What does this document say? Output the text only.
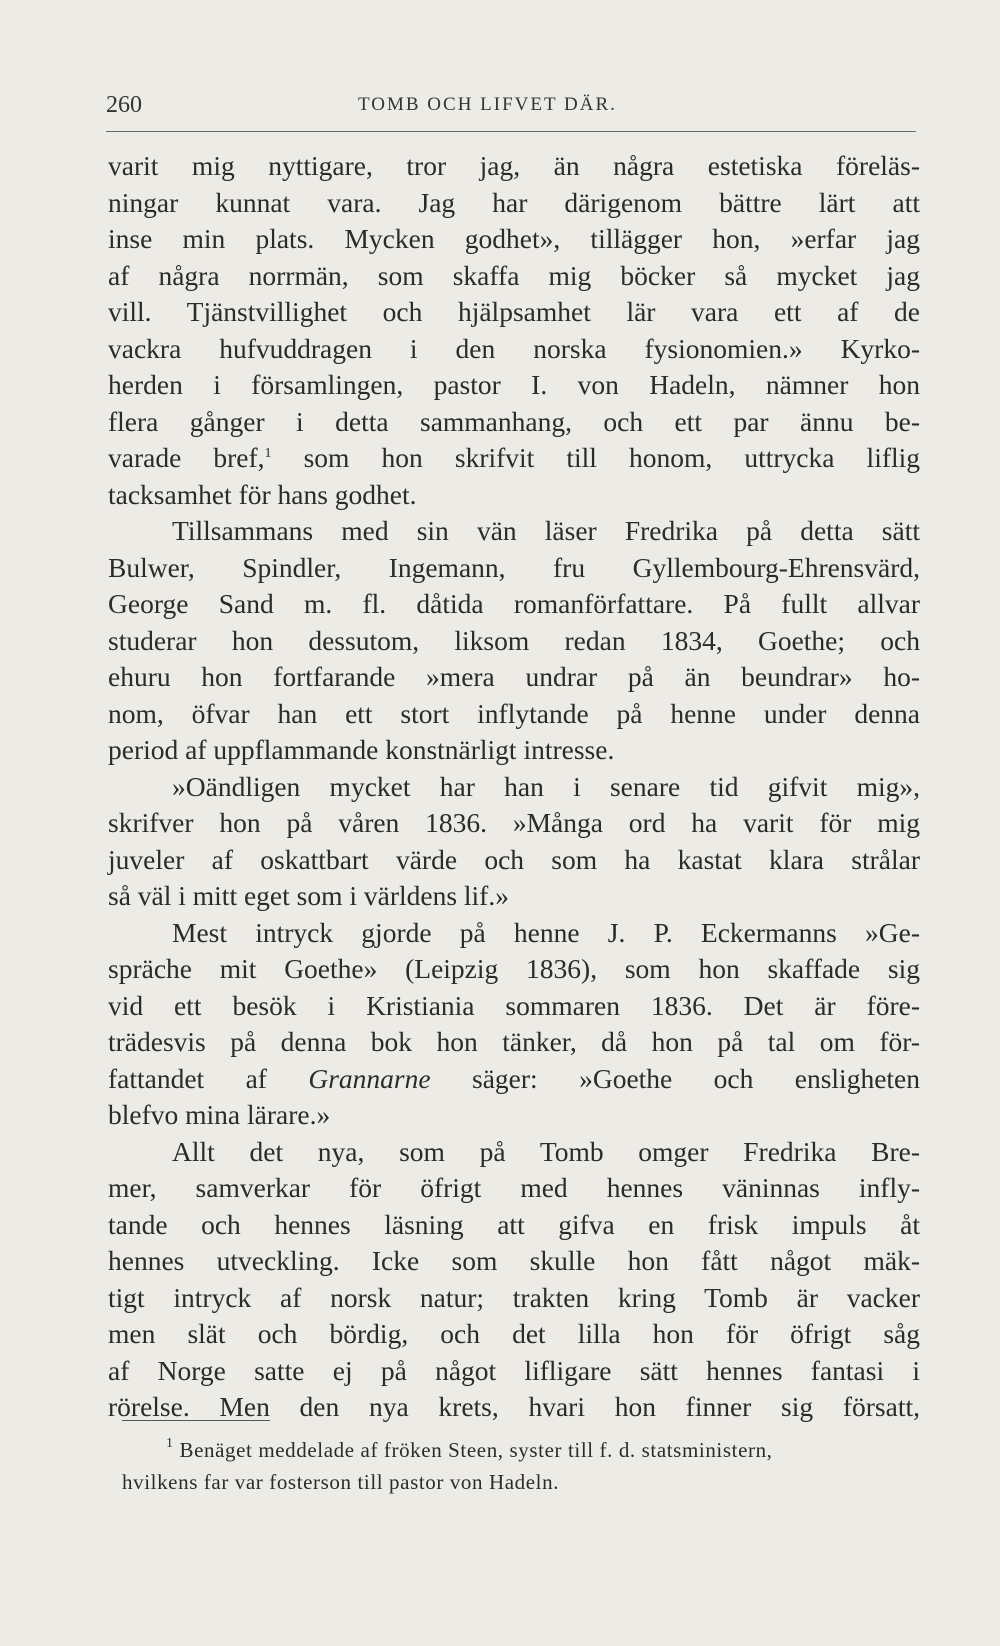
260	TOMB OCH LIFVET DÄR.
varit mig nyttigare, tror jag, än några estetiska föreläs-
ningar kunnat vara. Jag har därigenom bättre lärt att
inse min plats. Mycken godhet», tillägger hon, »erfar jag
af några norrmän, som skaffa mig böcker så mycket jag
vill. Tjänstvillighet och hjälpsamhet lär vara ett af de
vackra hufvuddragen i den norska fysionomien.» Kyrko-
herden i församlingen, pastor I. von Hadeln, nämner hon
flera gånger i detta sammanhang, och ett par ännu be-
varade bref,$^1$ som hon skrifvit till honom, uttrycka liflig
tacksamhet för hans godhet.
Tillsammans med sin vän läser Fredrika på detta sätt
Bulwer, Spindler, Ingemann, fru Gyllembourg-Ehrensvärd,
George Sand m. fl. dåtida romanförfattare. På fullt allvar
studerar hon dessutom, liksom redan 1834, Goethe; och
ehuru hon fortfarande »mera undrar på än beundrar» ho-
nom, öfvar han ett stort inflytande på henne under denna
period af uppflammande konstnärligt intresse.
»Oändligen mycket har han i senare tid gifvit mig»,
skrifver hon på våren 1836. »Många ord ha varit för mig
juveler af oskattbart värde och som ha kastat klara strålar
så väl i mitt eget som i världens lif.»
Mest intryck gjorde på henne J. P. Eckermanns »Ge-
spräche mit Goethe» (Leipzig 1836), som hon skaffade sig
vid ett besök i Kristiania sommaren 1836. Det är före-
trädesvis på denna bok hon tänker, då hon på tal om för-
fattandet af Grannarne säger: »Goethe och ensligheten
blefvo mina lärare.»
Allt det nya, som på Tomb omger Fredrika Bre-
mer, samverkar för öfrigt med hennes väninnas infly-
tande och hennes läsning att gifva en frisk impuls åt
hennes utveckling. Icke som skulle hon fått något mäk-
tigt intryck af norsk natur; trakten kring Tomb är vacker
men slät och bördig, och det lilla hon för öfrigt såg
af Norge satte ej på något lifligare sätt hennes fantasi i
rörelse. Men den nya krets, hvari hon finner sig försatt,
$^1$ Benäget meddelade af fröken Steen, syster till f. d. statsministern,
hvilkens far var fosterson till pastor von Hadeln.
